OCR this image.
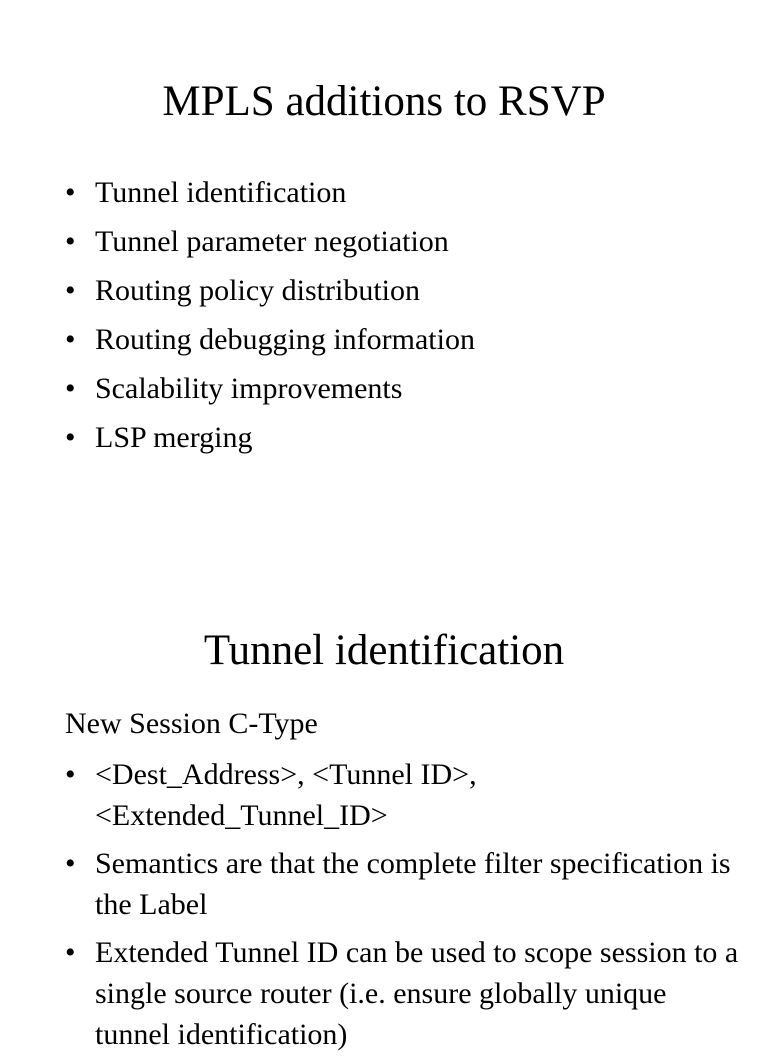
MPLS additions to RSVP
• Tunnel identification
• Tunnel parameter negotiation
• Routing policy distribution
• Routing debugging information
• Scalability improvements
• LSP merging
Tunnel identification

New Session C-Type

• <Dest_Address>, <Tunnel ID>, <Extended_Tunnel_ID>
• Semantics are that the complete filter specification is the Label
• Extended Tunnel ID can be used to scope session to a single source router (i.e. ensure globally unique tunnel identification)
